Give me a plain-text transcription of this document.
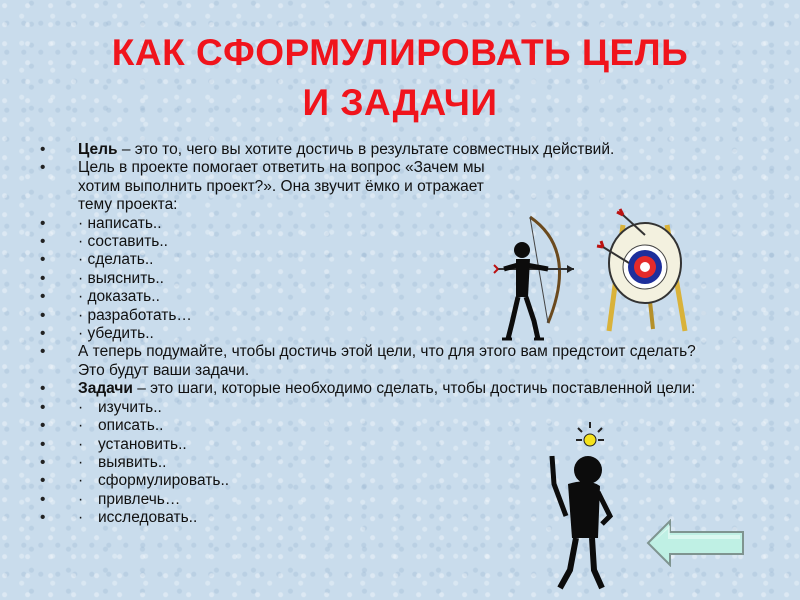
КАК СФОРМУЛИРОВАТЬ ЦЕЛЬ
И ЗАДАЧИ
• Цель – это то, чего вы хотите достичь в результате совместных действий.
• Цель в проекте помогает ответить на вопрос «Зачем мы хотим выполнить проект?». Она звучит ёмко и отражает тему проекта:
• · написать..
• · составить..
• · сделать..
• · выяснить..
• · доказать..
• · разработать…
• · убедить..
• А теперь подумайте, чтобы достичь этой цели, что для этого вам предстоит сделать? Это будут ваши задачи.
• Задачи – это шаги, которые необходимо сделать, чтобы достичь поставленной цели:
• · изучить..
• · описать..
• · установить..
• · выявить..
• · сформулировать..
• · привлечь…
• · исследовать..
